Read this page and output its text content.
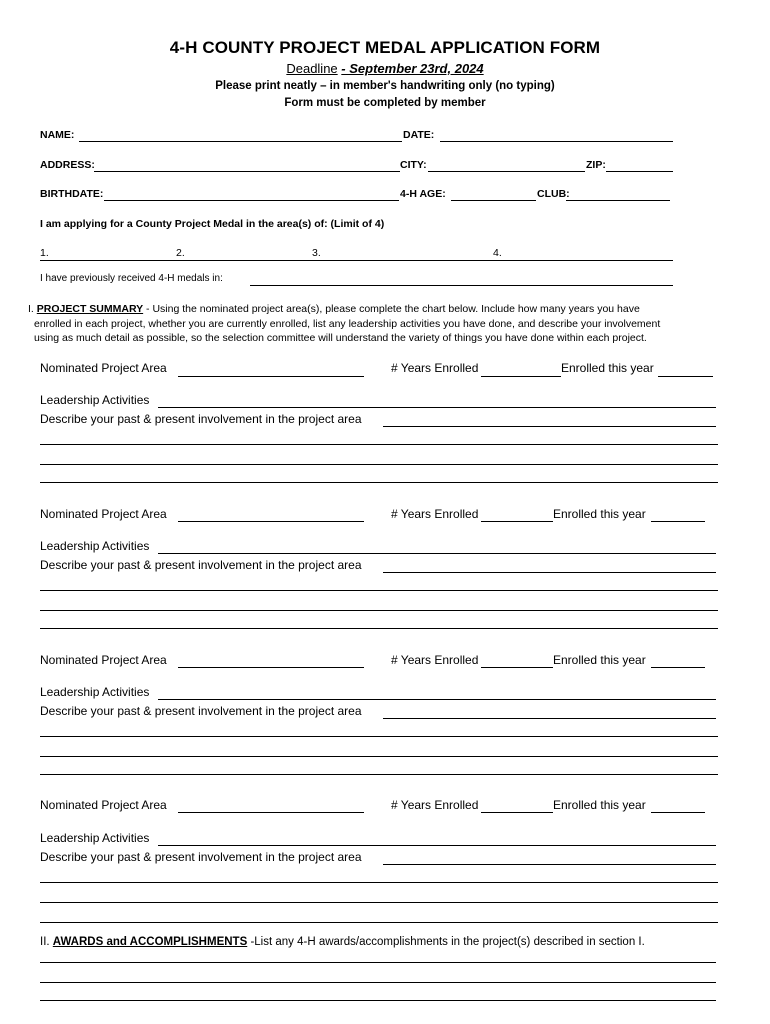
4-H COUNTY PROJECT MEDAL APPLICATION FORM
Deadline - September 23rd, 2024
Please print neatly – in member's handwriting only (no typing)
Form must be completed by member
NAME:	DATE:
ADDRESS:	CITY:	ZIP:
BIRTHDATE:	4-H AGE:	CLUB:
I am applying for a County Project Medal in the area(s) of: (Limit of 4)
1.	2.	3.	4.
I have previously received 4-H medals in:
I. PROJECT SUMMARY - Using the nominated project area(s), please complete the chart below. Include how many years you have
enrolled in each project, whether you are currently enrolled, list any leadership activities you have done, and describe your involvement
using as much detail as possible, so the selection committee will understand the variety of things you have done within each project.
Nominated Project Area	# Years Enrolled	Enrolled this year
Leadership Activities
Describe your past & present involvement in the project area
Nominated Project Area	# Years Enrolled	Enrolled this year
Leadership Activities
Describe your past & present involvement in the project area
Nominated Project Area	# Years Enrolled	Enrolled this year
Leadership Activities
Describe your past & present involvement in the project area
Nominated Project Area	# Years Enrolled	Enrolled this year
Leadership Activities
Describe your past & present involvement in the project area
II. AWARDS and ACCOMPLISHMENTS -List any 4-H awards/accomplishments in the project(s) described in section I.
